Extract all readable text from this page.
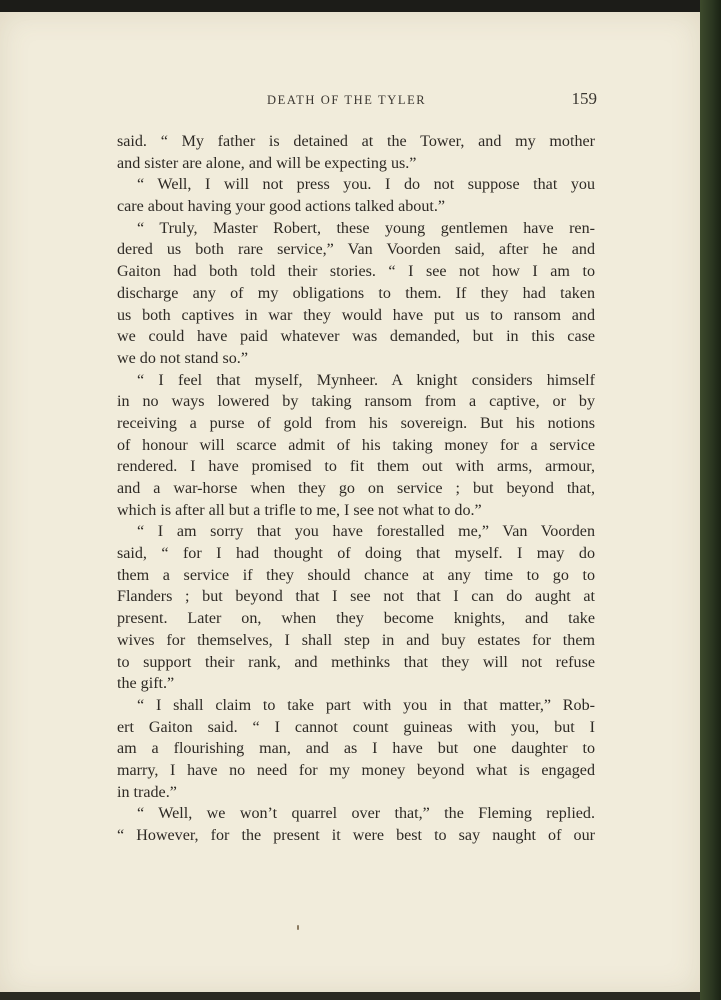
DEATH OF THE TYLER	159
said. “ My father is detained at the Tower, and my mother
and sister are alone, and will be expecting us.”
“ Well, I will not press you. I do not suppose that you
care about having your good actions talked about.”
“ Truly, Master Robert, these young gentlemen have ren-
dered us both rare service,” Van Voorden said, after he and
Gaiton had both told their stories. “ I see not how I am to
discharge any of my obligations to them. If they had taken
us both captives in war they would have put us to ransom and
we could have paid whatever was demanded, but in this case
we do not stand so.”
“ I feel that myself, Mynheer. A knight considers himself
in no ways lowered by taking ransom from a captive, or by
receiving a purse of gold from his sovereign. But his notions
of honour will scarce admit of his taking money for a service
rendered. I have promised to fit them out with arms, armour,
and a war-horse when they go on service ; but beyond that,
which is after all but a trifle to me, I see not what to do.”
“ I am sorry that you have forestalled me,” Van Voorden
said, “ for I had thought of doing that myself. I may do
them a service if they should chance at any time to go to
Flanders ; but beyond that I see not that I can do aught at
present. Later on, when they become knights, and take
wives for themselves, I shall step in and buy estates for them
to support their rank, and methinks that they will not refuse
the gift.”
“ I shall claim to take part with you in that matter,” Rob-
ert Gaiton said. “ I cannot count guineas with you, but I
am a flourishing man, and as I have but one daughter to
marry, I have no need for my money beyond what is engaged
in trade.”
“ Well, we won’t quarrel over that,” the Fleming replied.
“ However, for the present it were best to say naught of our
